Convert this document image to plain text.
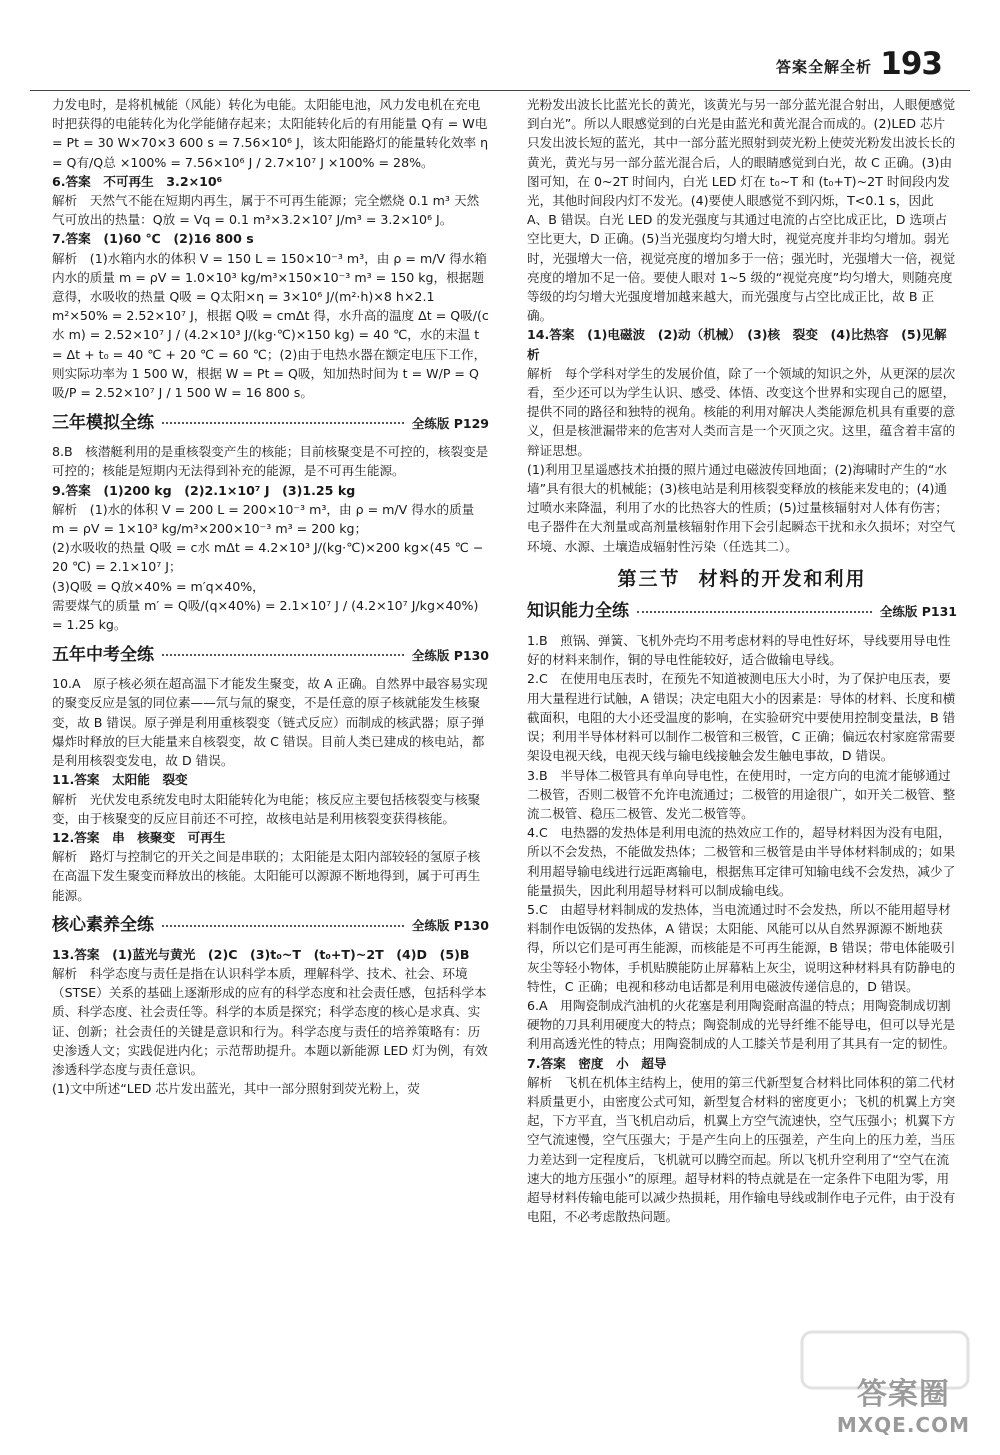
答案全解全析 193

力发电时，是将机械能（风能）转化为电能。太阳能电池，风力发电机在充电时把获得的电能转化为化学能储存起来；太阳能转化后的有用能量 Q有 = W电 = Pt = 30 W×70×3 600 s = 7.56×10⁶ J，该太阳能路灯的能量转化效率 η = Q有/Q总 ×100% = 7.56×10⁶ J / 2.7×10⁷ J ×100% = 28%。

6.答案　不可再生　3.2×10⁶

解析　天然气不能在短期内再生，属于不可再生能源；完全燃烧 0.1 m³ 天然气可放出的热量：Q放 = Vq = 0.1 m³×3.2×10⁷ J/m³ = 3.2×10⁶ J。

7.答案　(1)60 ℃　(2)16 800 s

解析　(1)水箱内水的体积 V = 150 L = 150×10⁻³ m³，由 ρ = m/V 得水箱内水的质量 m = ρV = 1.0×10³ kg/m³×150×10⁻³ m³ = 150 kg，根据题意得，水吸收的热量 Q吸 = Q太阳×η = 3×10⁶ J/(m²·h)×8 h×2.1 m²×50% = 2.52×10⁷ J，根据 Q吸 = cmΔt 得，水升高的温度 Δt = Q吸/(c水 m) = 2.52×10⁷ J / (4.2×10³ J/(kg·℃)×150 kg) = 40 ℃，水的末温 t = Δt + t₀ = 40 ℃ + 20 ℃ = 60 ℃；(2)由于电热水器在额定电压下工作，则实际功率为 1 500 W，根据 W = Pt = Q吸，知加热时间为 t = W/P = Q吸/P = 2.52×10⁷ J / 1 500 W = 16 800 s。

三年模拟全练	全练版 P129

8.B　核潜艇利用的是重核裂变产生的核能；目前核聚变是不可控的，核裂变是可控的；核能是短期内无法得到补充的能源，是不可再生能源。

9.答案　(1)200 kg　(2)2.1×10⁷ J　(3)1.25 kg

解析　(1)水的体积 V = 200 L = 200×10⁻³ m³，由 ρ = m/V 得水的质量 m = ρV = 1×10³ kg/m³×200×10⁻³ m³ = 200 kg；

(2)水吸收的热量 Q吸 = c水 mΔt = 4.2×10³ J/(kg·℃)×200 kg×(45 ℃ − 20 ℃) = 2.1×10⁷ J；

(3)Q吸 = Q放×40% = m′q×40%，

需要煤气的质量 m′ = Q吸/(q×40%) = 2.1×10⁷ J / (4.2×10⁷ J/kg×40%) = 1.25 kg。

五年中考全练	全练版 P130

10.A　原子核必须在超高温下才能发生聚变，故 A 正确。自然界中最容易实现的聚变反应是氢的同位素——氘与氚的聚变，不是任意的原子核就能发生核聚变，故 B 错误。原子弹是利用重核裂变（链式反应）而制成的核武器；原子弹爆炸时释放的巨大能量来自核裂变，故 C 错误。目前人类已建成的核电站，都是利用核裂变发电，故 D 错误。

11.答案　太阳能　裂变

解析　光伏发电系统发电时太阳能转化为电能；核反应主要包括核裂变与核聚变，由于核聚变的反应目前还不可控，故核电站是利用核裂变获得核能。

12.答案　串　核聚变　可再生

解析　路灯与控制它的开关之间是串联的；太阳能是太阳内部较轻的氢原子核在高温下发生聚变而释放出的核能。太阳能可以源源不断地得到，属于可再生能源。

核心素养全练	全练版 P130

13.答案　(1)蓝光与黄光　(2)C　(3)t₀~T　(t₀+T)~2T　(4)D　(5)B

解析　科学态度与责任是指在认识科学本质，理解科学、技术、社会、环境（STSE）关系的基础上逐渐形成的应有的科学态度和社会责任感，包括科学本质、科学态度、社会责任等。科学的本质是探究；科学态度的核心是求真、实证、创新；社会责任的关键是意识和行为。科学态度与责任的培养策略有：历史渗透人文；实践促进内化；示范帮助提升。本题以新能源 LED 灯为例，有效渗透科学态度与责任意识。

(1)文中所述“LED 芯片发出蓝光，其中一部分照射到荧光粉上，荧

光粉发出波长比蓝光长的黄光，该黄光与另一部分蓝光混合射出，人眼便感觉到白光”。所以人眼感觉到的白光是由蓝光和黄光混合而成的。(2)LED 芯片只发出波长短的蓝光，其中一部分蓝光照射到荧光粉上使荧光粉发出波长长的黄光，黄光与另一部分蓝光混合后，人的眼睛感觉到白光，故 C 正确。(3)由图可知，在 0~2T 时间内，白光 LED 灯在 t₀~T 和 (t₀+T)~2T 时间段内发光，其他时间段内灯不发光。(4)要使人眼感觉不到闪烁，T<0.1 s，因此 A、B 错误。白光 LED 的发光强度与其通过电流的占空比成正比，D 选项占空比更大，D 正确。(5)当光强度均匀增大时，视觉亮度并非均匀增加。弱光时，光强增大一倍，视觉亮度的增加多于一倍；强光时，光强增大一倍，视觉亮度的增加不足一倍。要使人眼对 1~5 级的“视觉亮度”均匀增大，则随亮度等级的均匀增大光强度增加越来越大，而光强度与占空比成正比，故 B 正确。

14.答案　(1)电磁波　(2)动（机械）　(3)核　裂变　(4)比热容　(5)见解析

解析　每个学科对学生的发展价值，除了一个领域的知识之外，从更深的层次看，至少还可以为学生认识、感受、体悟、改变这个世界和实现自己的愿望，提供不同的路径和独特的视角。核能的利用对解决人类能源危机具有重要的意义，但是核泄漏带来的危害对人类而言是一个灭顶之灾。这里，蕴含着丰富的辩证思想。

(1)利用卫星遥感技术拍摄的照片通过电磁波传回地面；(2)海啸时产生的“水墙”具有很大的机械能；(3)核电站是利用核裂变释放的核能来发电的；(4)通过喷水来降温，利用了水的比热容大的性质；(5)过量核辐射对人体有伤害；电子器件在大剂量或高剂量核辐射作用下会引起瞬态干扰和永久损坏；对空气环境、水源、土壤造成辐射性污染（任选其二）。

第三节 材料的开发和利用
知识能力全练	全练版 P131

1.B　煎锅、弹簧、飞机外壳均不用考虑材料的导电性好坏，导线要用导电性好的材料来制作，铜的导电性能较好，适合做输电导线。

2.C　在使用电压表时，在预先不知道被测电压大小时，为了保护电压表，要用大量程进行试触，A 错误；决定电阻大小的因素是：导体的材料、长度和横截面积，电阻的大小还受温度的影响，在实验研究中要使用控制变量法，B 错误；利用半导体材料可以制作二极管和三极管，C 正确；偏远农村家庭常需要架设电视天线，电视天线与输电线接触会发生触电事故，D 错误。

3.B　半导体二极管具有单向导电性，在使用时，一定方向的电流才能够通过二极管，否则二极管不允许电流通过；二极管的用途很广，如开关二极管、整流二极管、稳压二极管、发光二极管等。

4.C　电热器的发热体是利用电流的热效应工作的，超导材料因为没有电阻，所以不会发热，不能做发热体；二极管和三极管是由半导体材料制成的；如果利用超导输电线进行远距离输电，根据焦耳定律可知输电线不会发热，减少了能量损失，因此利用超导材料可以制成输电线。

5.C　由超导材料制成的发热体，当电流通过时不会发热，所以不能用超导材料制作电饭锅的发热体，A 错误；太阳能、风能可以从自然界源源不断地获得，所以它们是可再生能源，而核能是不可再生能源，B 错误；带电体能吸引灰尘等轻小物体，手机贴膜能防止屏幕粘上灰尘，说明这种材料具有防静电的特性，C 正确；电视和移动电话都是利用电磁波传递信息的，D 错误。

6.A　用陶瓷制成汽油机的火花塞是利用陶瓷耐高温的特点；用陶瓷制成切割硬物的刀具利用硬度大的特点；陶瓷制成的光导纤维不能导电，但可以导光是利用高透光性的特点；用陶瓷制成的人工膝关节是利用了其具有一定的韧性。

7.答案　密度　小　超导

解析　飞机在机体主结构上，使用的第三代新型复合材料比同体积的第二代材料质量更小，由密度公式可知，新型复合材料的密度更小；飞机的机翼上方突起，下方平直，当飞机启动后，机翼上方空气流速快，空气压强小；机翼下方空气流速慢，空气压强大；于是产生向上的压强差，产生向上的压力差，当压力差达到一定程度后，飞机就可以腾空而起。所以飞机升空利用了“空气在流速大的地方压强小”的原理。超导材料的特点就是在一定条件下电阻为零，用超导材料传输电能可以减少热损耗，用作输电导线或制作电子元件，由于没有电阻，不必考虑散热问题。

答案圈
MXQE.COM
